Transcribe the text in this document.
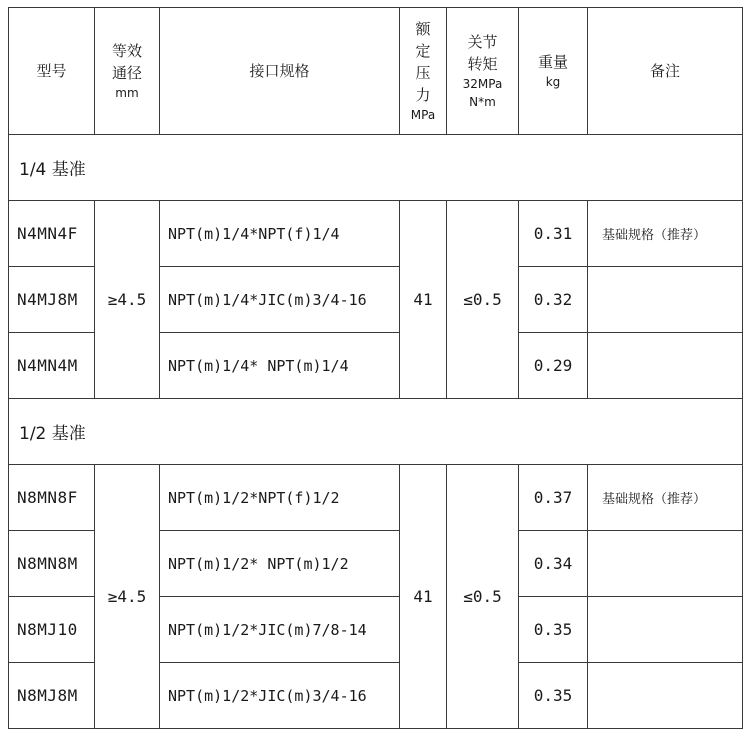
型号	等效
通径
mm	接口规格	额
定
压
力
MPa	关节
转矩
32MPa
N*m	重量
kg	备注
1/4 基准						
N4MN4F	≥4.5	NPT(m)1/4*NPT(f)1/4	41	≤0.5	0.31	基础规格（推荐）
N4MJ8M		NPT(m)1/4*JIC(m)3/4-16			0.32	
N4MN4M		NPT(m)1/4* NPT(m)1/4			0.29	
1/2 基准						
N8MN8F	≥4.5	NPT(m)1/2*NPT(f)1/2	41	≤0.5	0.37	基础规格（推荐）
N8MN8M		NPT(m)1/2* NPT(m)1/2			0.34	
N8MJ10		NPT(m)1/2*JIC(m)7/8-14			0.35	
N8MJ8M		NPT(m)1/2*JIC(m)3/4-16			0.35	
